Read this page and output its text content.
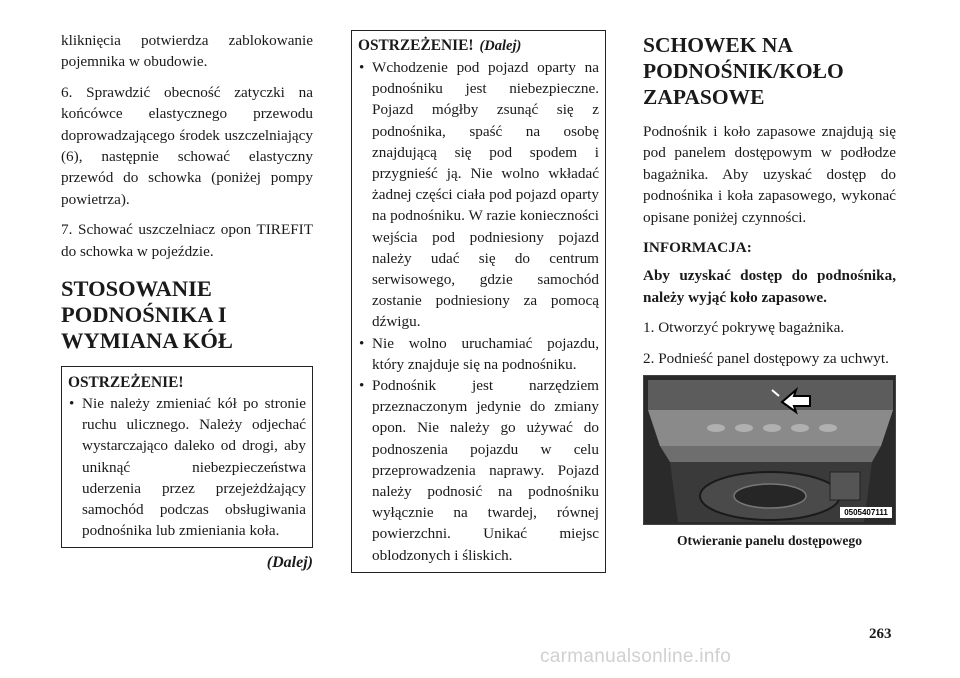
kliknięcia potwierdza zablokowanie pojemnika w obudowie.

6. Sprawdzić obecność zatyczki na końcówce elastycznego przewodu doprowadzającego środek uszczelniający (6), następnie schować elastyczny przewód do schowka (poniżej pompy powietrza).

7. Schować uszczelniacz opon TIREFIT do schowka w pojeździe.

STOSOWANIE PODNOŚNIKA I WYMIANA KÓŁ
OSTRZEŻENIE!
• Nie należy zmieniać kół po stronie ruchu ulicznego. Należy odjechać wystarczająco daleko od drogi, aby uniknąć niebezpieczeństwa uderzenia przez przejeżdżający samochód podczas obsługiwania podnośnika lub zmieniania koła.
(Dalej)
OSTRZEŻENIE! (Dalej)
• Wchodzenie pod pojazd oparty na podnośniku jest niebezpieczne. Pojazd mógłby zsunąć się z podnośnika, spaść na osobę znajdującą się pod spodem i przygnieść ją. Nie wolno wkładać żadnej części ciała pod pojazd oparty na podnośniku. W razie konieczności wejścia pod podniesiony pojazd należy udać się do centrum serwisowego, gdzie samochód zostanie podniesiony za pomocą dźwigu.
• Nie wolno uruchamiać pojazdu, który znajduje się na podnośniku.
• Podnośnik jest narzędziem przeznaczonym jedynie do zmiany opon. Nie należy go używać do podnoszenia pojazdu w celu przeprowadzenia naprawy. Pojazd należy podnosić na podnośniku wyłącznie na twardej, równej powierzchni. Unikać miejsc oblodzonych i śliskich.
SCHOWEK NA PODNOŚNIK/KOŁO ZAPASOWE

Podnośnik i koło zapasowe znajdują się pod panelem dostępowym w podłodze bagażnika. Aby uzyskać dostęp do podnośnika i koła zapasowego, wykonać opisane poniżej czynności.

INFORMACJA:

Aby uzyskać dostęp do podnośnika, należy wyjąć koło zapasowe.

1. Otworzyć pokrywę bagażnika.

2. Podnieść panel dostępowy za uchwyt.

0505407111
Otwieranie panelu dostępowego
263
carmanualsonline.info
